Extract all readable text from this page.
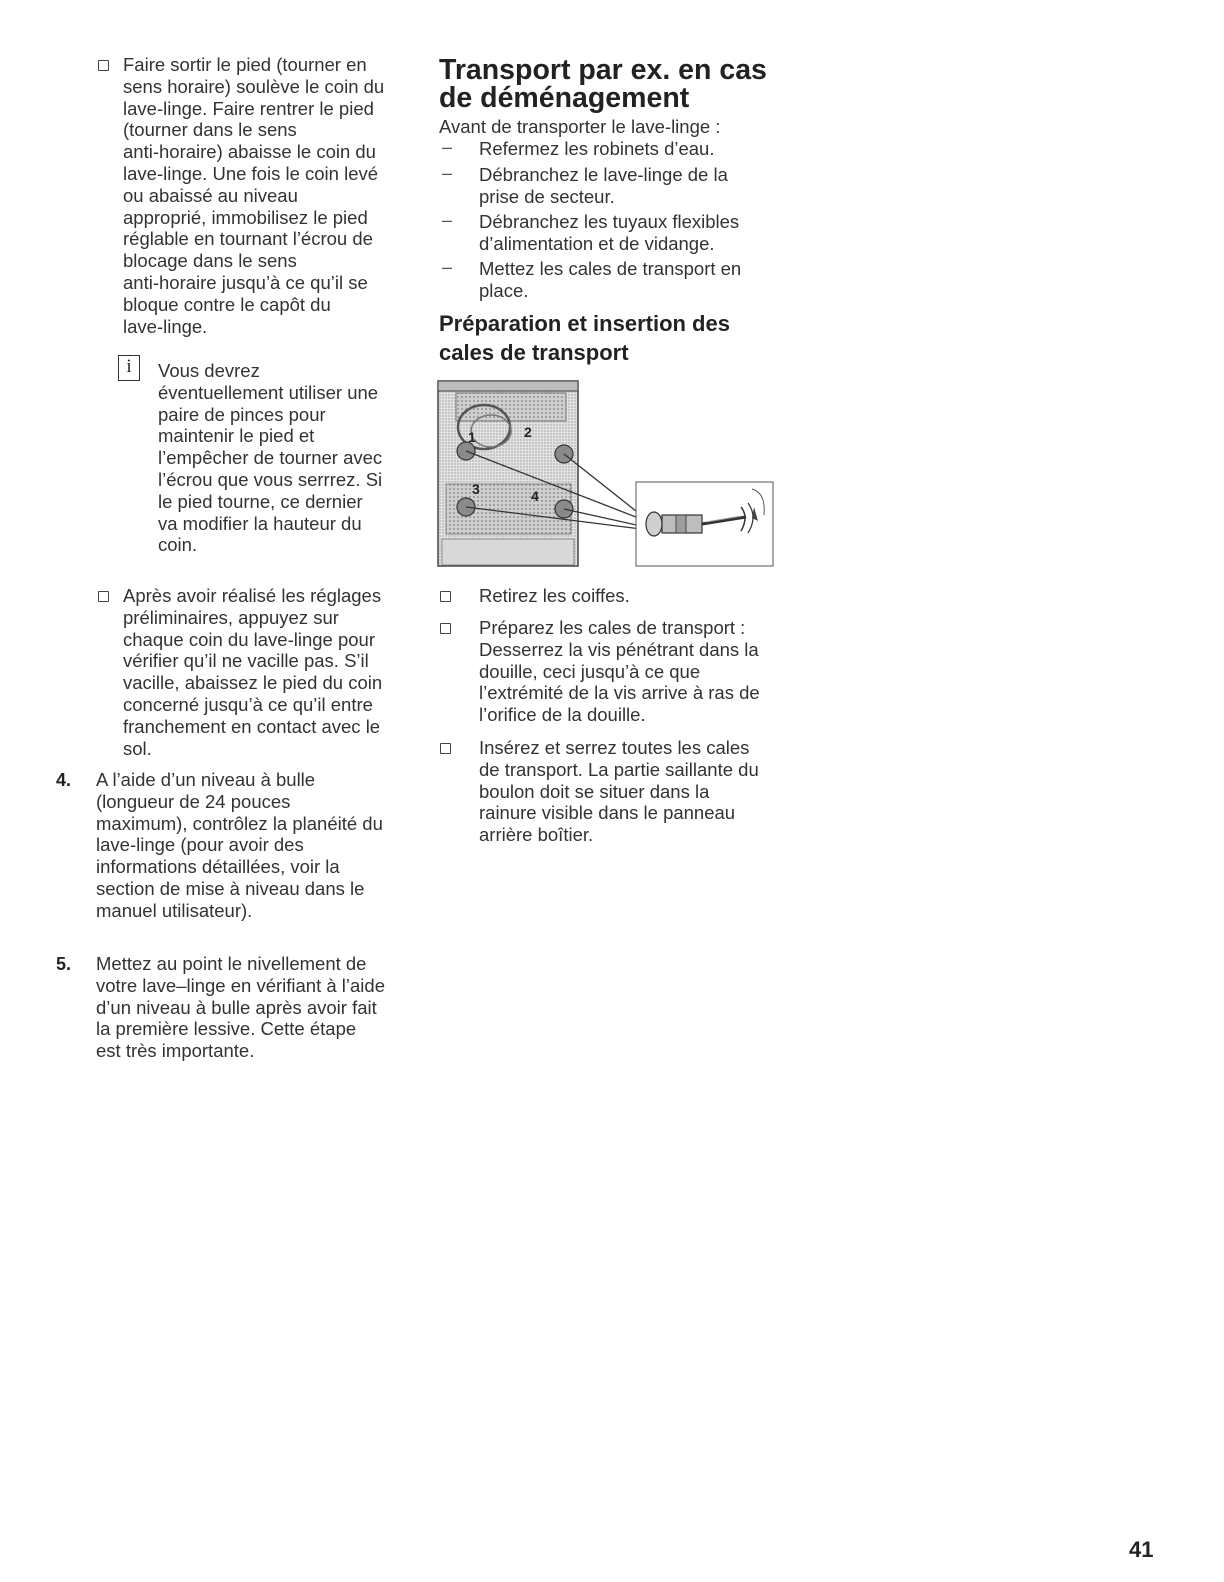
Faire sortir le pied (tourner en
sens horaire) soulève le coin du
lave-linge. Faire rentrer le pied
(tourner dans le sens
anti-horaire) abaisse le coin du
lave-linge. Une fois le coin levé
ou abaissé au niveau
approprié, immobilisez le pied
réglable en tournant l’écrou de
blocage dans le sens
anti-horaire jusqu’à ce qu’il se
bloque contre le capôt du
lave-linge.
i	Vous devrez
éventuellement utiliser une
paire de pinces pour
maintenir le pied et
l’empêcher de tourner avec
l’écrou que vous serrrez. Si
le pied tourne, ce dernier
va modifier la hauteur du
coin.
Après avoir réalisé les réglages
préliminaires, appuyez sur
chaque coin du lave-linge pour
vérifier qu’il ne vacille pas. S’il
vacille, abaissez le pied du coin
concerné jusqu’à ce qu’il entre
franchement en contact avec le
sol.
4. A l’aide d’un niveau à bulle
(longueur de 24 pouces
maximum), contrôlez la planéité du
lave-linge (pour avoir des
informations détaillées, voir la
section de mise à niveau dans le
manuel utilisateur).
5. Mettez au point le nivellement de
votre lave–linge en vérifiant à l’aide
d’un niveau à bulle après avoir fait
la première lessive. Cette étape
est très importante.
Transport par ex. en cas
de déménagement
Avant de transporter le lave-linge :
– Refermez les robinets d’eau.
– Débranchez le lave-linge de la
prise de secteur.
– Débranchez les tuyaux flexibles
d’alimentation et de vidange.
– Mettez les cales de transport en
place.
Préparation et insertion des
cales de transport
1	2
3	4
Retirez les coiffes.
Préparez les cales de transport :
Desserrez la vis pénétrant dans la
douille, ceci jusqu’à ce que
l’extrémité de la vis arrive à ras de
l’orifice de la douille.
Insérez et serrez toutes les cales
de transport. La partie saillante du
boulon doit se situer dans la
rainure visible dans le panneau
arrière boîtier.
41
